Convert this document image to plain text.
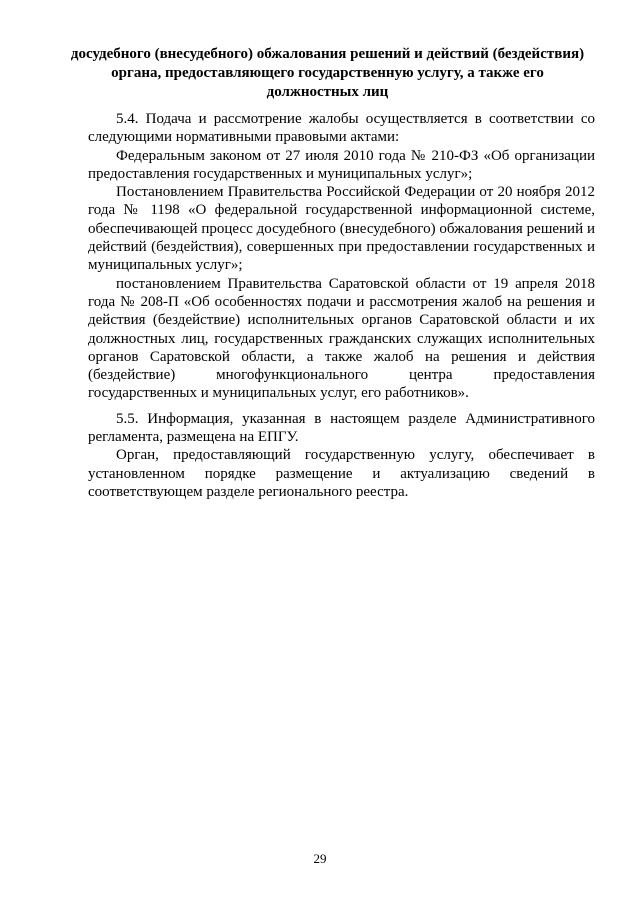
досудебного (внесудебного) обжалования решений и действий (бездействия)
органа, предоставляющего государственную услугу, а также его
должностных лиц

5.4. Подача и рассмотрение жалобы осуществляется в соответствии со следующими нормативными правовыми актами:

Федеральным законом от 27 июля 2010 года № 210-ФЗ «Об организации предоставления государственных и муниципальных услуг»;

Постановлением Правительства Российской Федерации от 20 ноября 2012 года № 1198 «О федеральной государственной информационной системе, обеспечивающей процесс досудебного (внесудебного) обжалования решений и действий (бездействия), совершенных при предоставлении государственных и муниципальных услуг»;

постановлением Правительства Саратовской области от 19 апреля 2018 года № 208-П «Об особенностях подачи и рассмотрения жалоб на решения и действия (бездействие) исполнительных органов Саратовской области и их должностных лиц, государственных гражданских служащих исполнительных органов Саратовской области, а также жалоб на решения и действия (бездействие) многофункционального центра предоставления государственных и муниципальных услуг, его работников».

5.5. Информация, указанная в настоящем разделе Административного регламента, размещена на ЕПГУ.

Орган, предоставляющий государственную услугу, обеспечивает в установленном порядке размещение и актуализацию сведений в соответствующем разделе регионального реестра.

29
